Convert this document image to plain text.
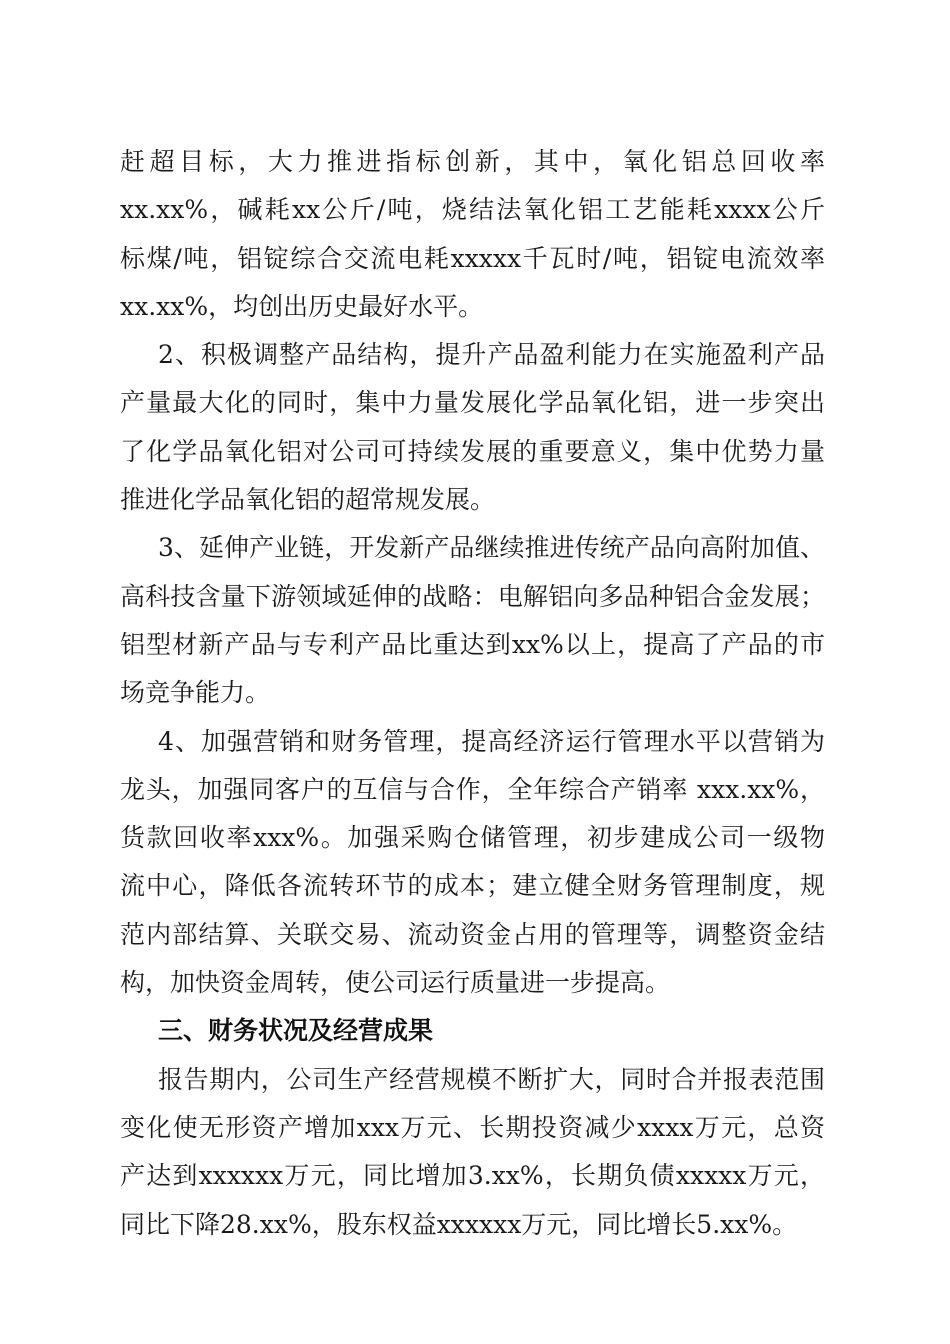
赶超目标，大力推进指标创新，其中，氧化铝总回收率
xx.xx%，碱耗xx公斤/吨，烧结法氧化铝工艺能耗xxxx公斤
标煤/吨，铝锭综合交流电耗xxxxx千瓦时/吨，铝锭电流效率
xx.xx%，均创出历史最好水平。
2、积极调整产品结构，提升产品盈利能力在实施盈利产品
产量最大化的同时，集中力量发展化学品氧化铝，进一步突出
了化学品氧化铝对公司可持续发展的重要意义，集中优势力量
推进化学品氧化铝的超常规发展。
3、延伸产业链，开发新产品继续推进传统产品向高附加值、
高科技含量下游领域延伸的战略：电解铝向多品种铝合金发展；
铝型材新产品与专利产品比重达到xx%以上，提高了产品的市
场竞争能力。
4、加强营销和财务管理，提高经济运行管理水平以营销为
龙头，加强同客户的互信与合作，全年综合产销率 xxx.xx%，
货款回收率xxx%。加强采购仓储管理，初步建成公司一级物
流中心，降低各流转环节的成本；建立健全财务管理制度，规
范内部结算、关联交易、流动资金占用的管理等，调整资金结
构，加快资金周转，使公司运行质量进一步提高。
三、财务状况及经营成果
报告期内，公司生产经营规模不断扩大，同时合并报表范围
变化使无形资产增加xxx万元、长期投资减少xxxx万元，总资
产达到xxxxxx万元，同比增加3.xx%，长期负债xxxxx万元，
同比下降28.xx%，股东权益xxxxxx万元，同比增长5.xx%。
